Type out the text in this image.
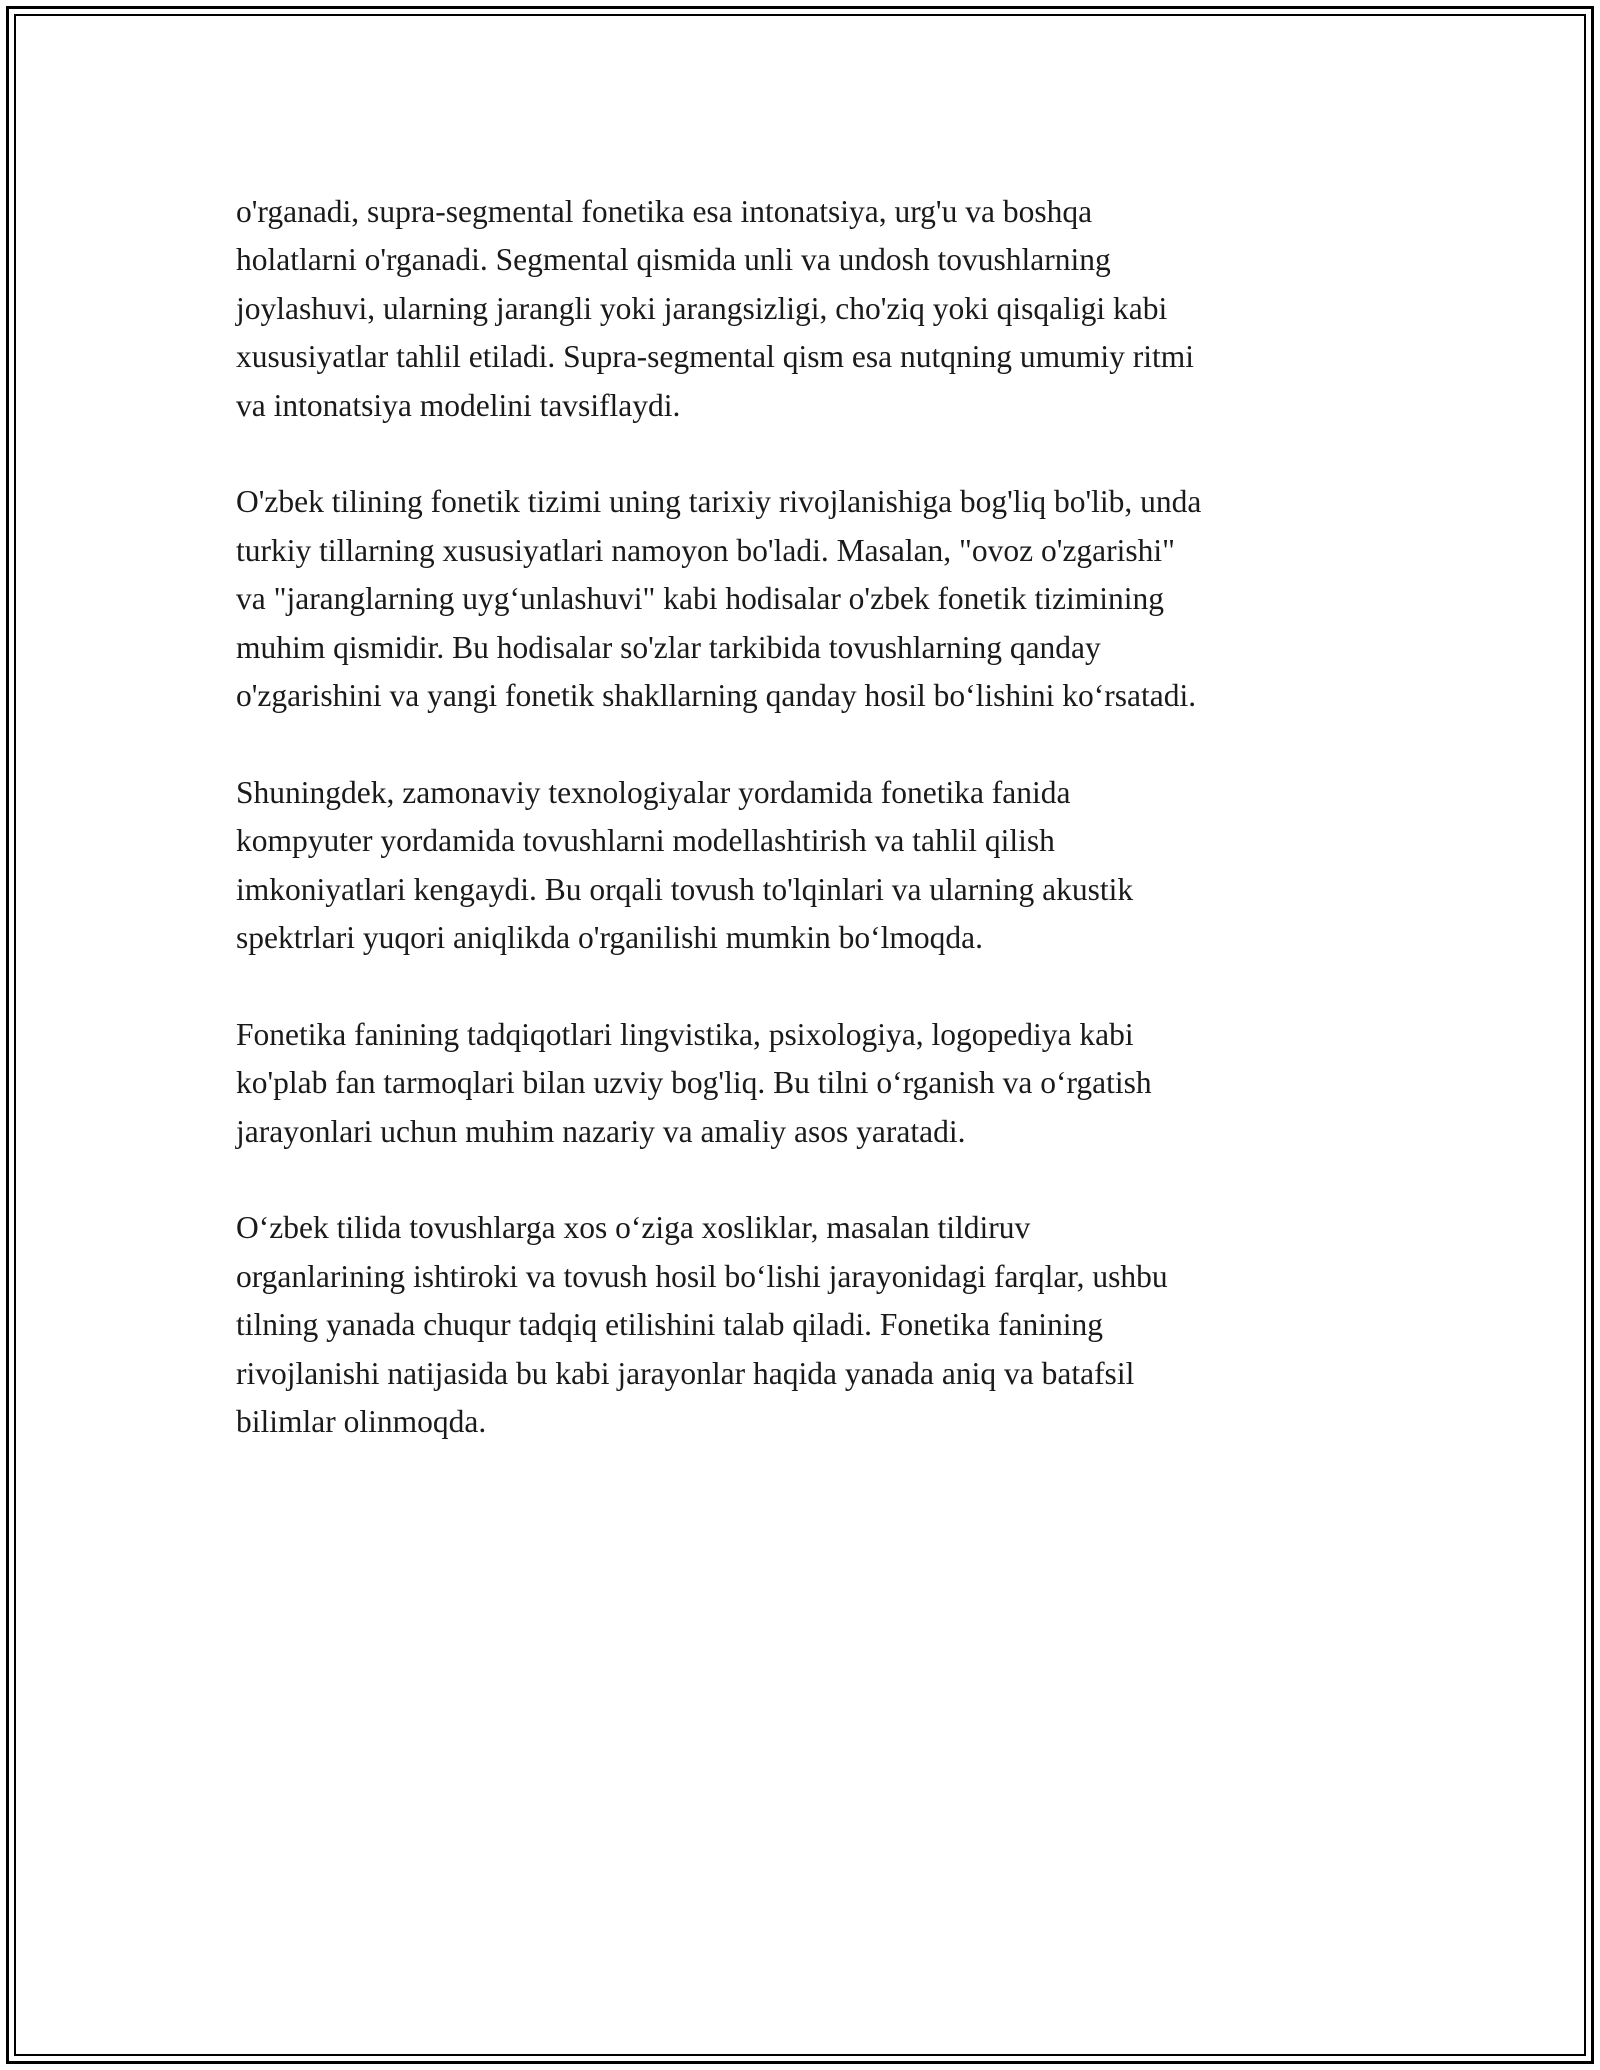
o'rganadi, supra-segmental fonetika esa intonatsiya, urg'u va boshqa
holatlarni o'rganadi. Segmental qismida unli va undosh tovushlarning
joylashuvi, ularning jarangli yoki jarangsizligi, cho'ziq yoki qisqaligi kabi
xususiyatlar tahlil etiladi. Supra-segmental qism esa nutqning umumiy ritmi
va intonatsiya modelini tavsiflaydi.

O'zbek tilining fonetik tizimi uning tarixiy rivojlanishiga bog'liq bo'lib, unda
turkiy tillarning xususiyatlari namoyon bo'ladi. Masalan, "ovoz o'zgarishi"
va "jaranglarning uyg‘unlashuvi" kabi hodisalar o'zbek fonetik tizimining
muhim qismidir. Bu hodisalar so'zlar tarkibida tovushlarning qanday
o'zgarishini va yangi fonetik shakllarning qanday hosil bo‘lishini ko‘rsatadi.

Shuningdek, zamonaviy texnologiyalar yordamida fonetika fanida
kompyuter yordamida tovushlarni modellashtirish va tahlil qilish
imkoniyatlari kengaydi. Bu orqali tovush to'lqinlari va ularning akustik
spektrlari yuqori aniqlikda o'rganilishi mumkin bo‘lmoqda.

Fonetika fanining tadqiqotlari lingvistika, psixologiya, logopediya kabi
ko'plab fan tarmoqlari bilan uzviy bog'liq. Bu tilni o‘rganish va o‘rgatish
jarayonlari uchun muhim nazariy va amaliy asos yaratadi.

O‘zbek tilida tovushlarga xos o‘ziga xosliklar, masalan tildiruv
organlarining ishtiroki va tovush hosil bo‘lishi jarayonidagi farqlar, ushbu
tilning yanada chuqur tadqiq etilishini talab qiladi. Fonetika fanining
rivojlanishi natijasida bu kabi jarayonlar haqida yanada aniq va batafsil
bilimlar olinmoqda.
